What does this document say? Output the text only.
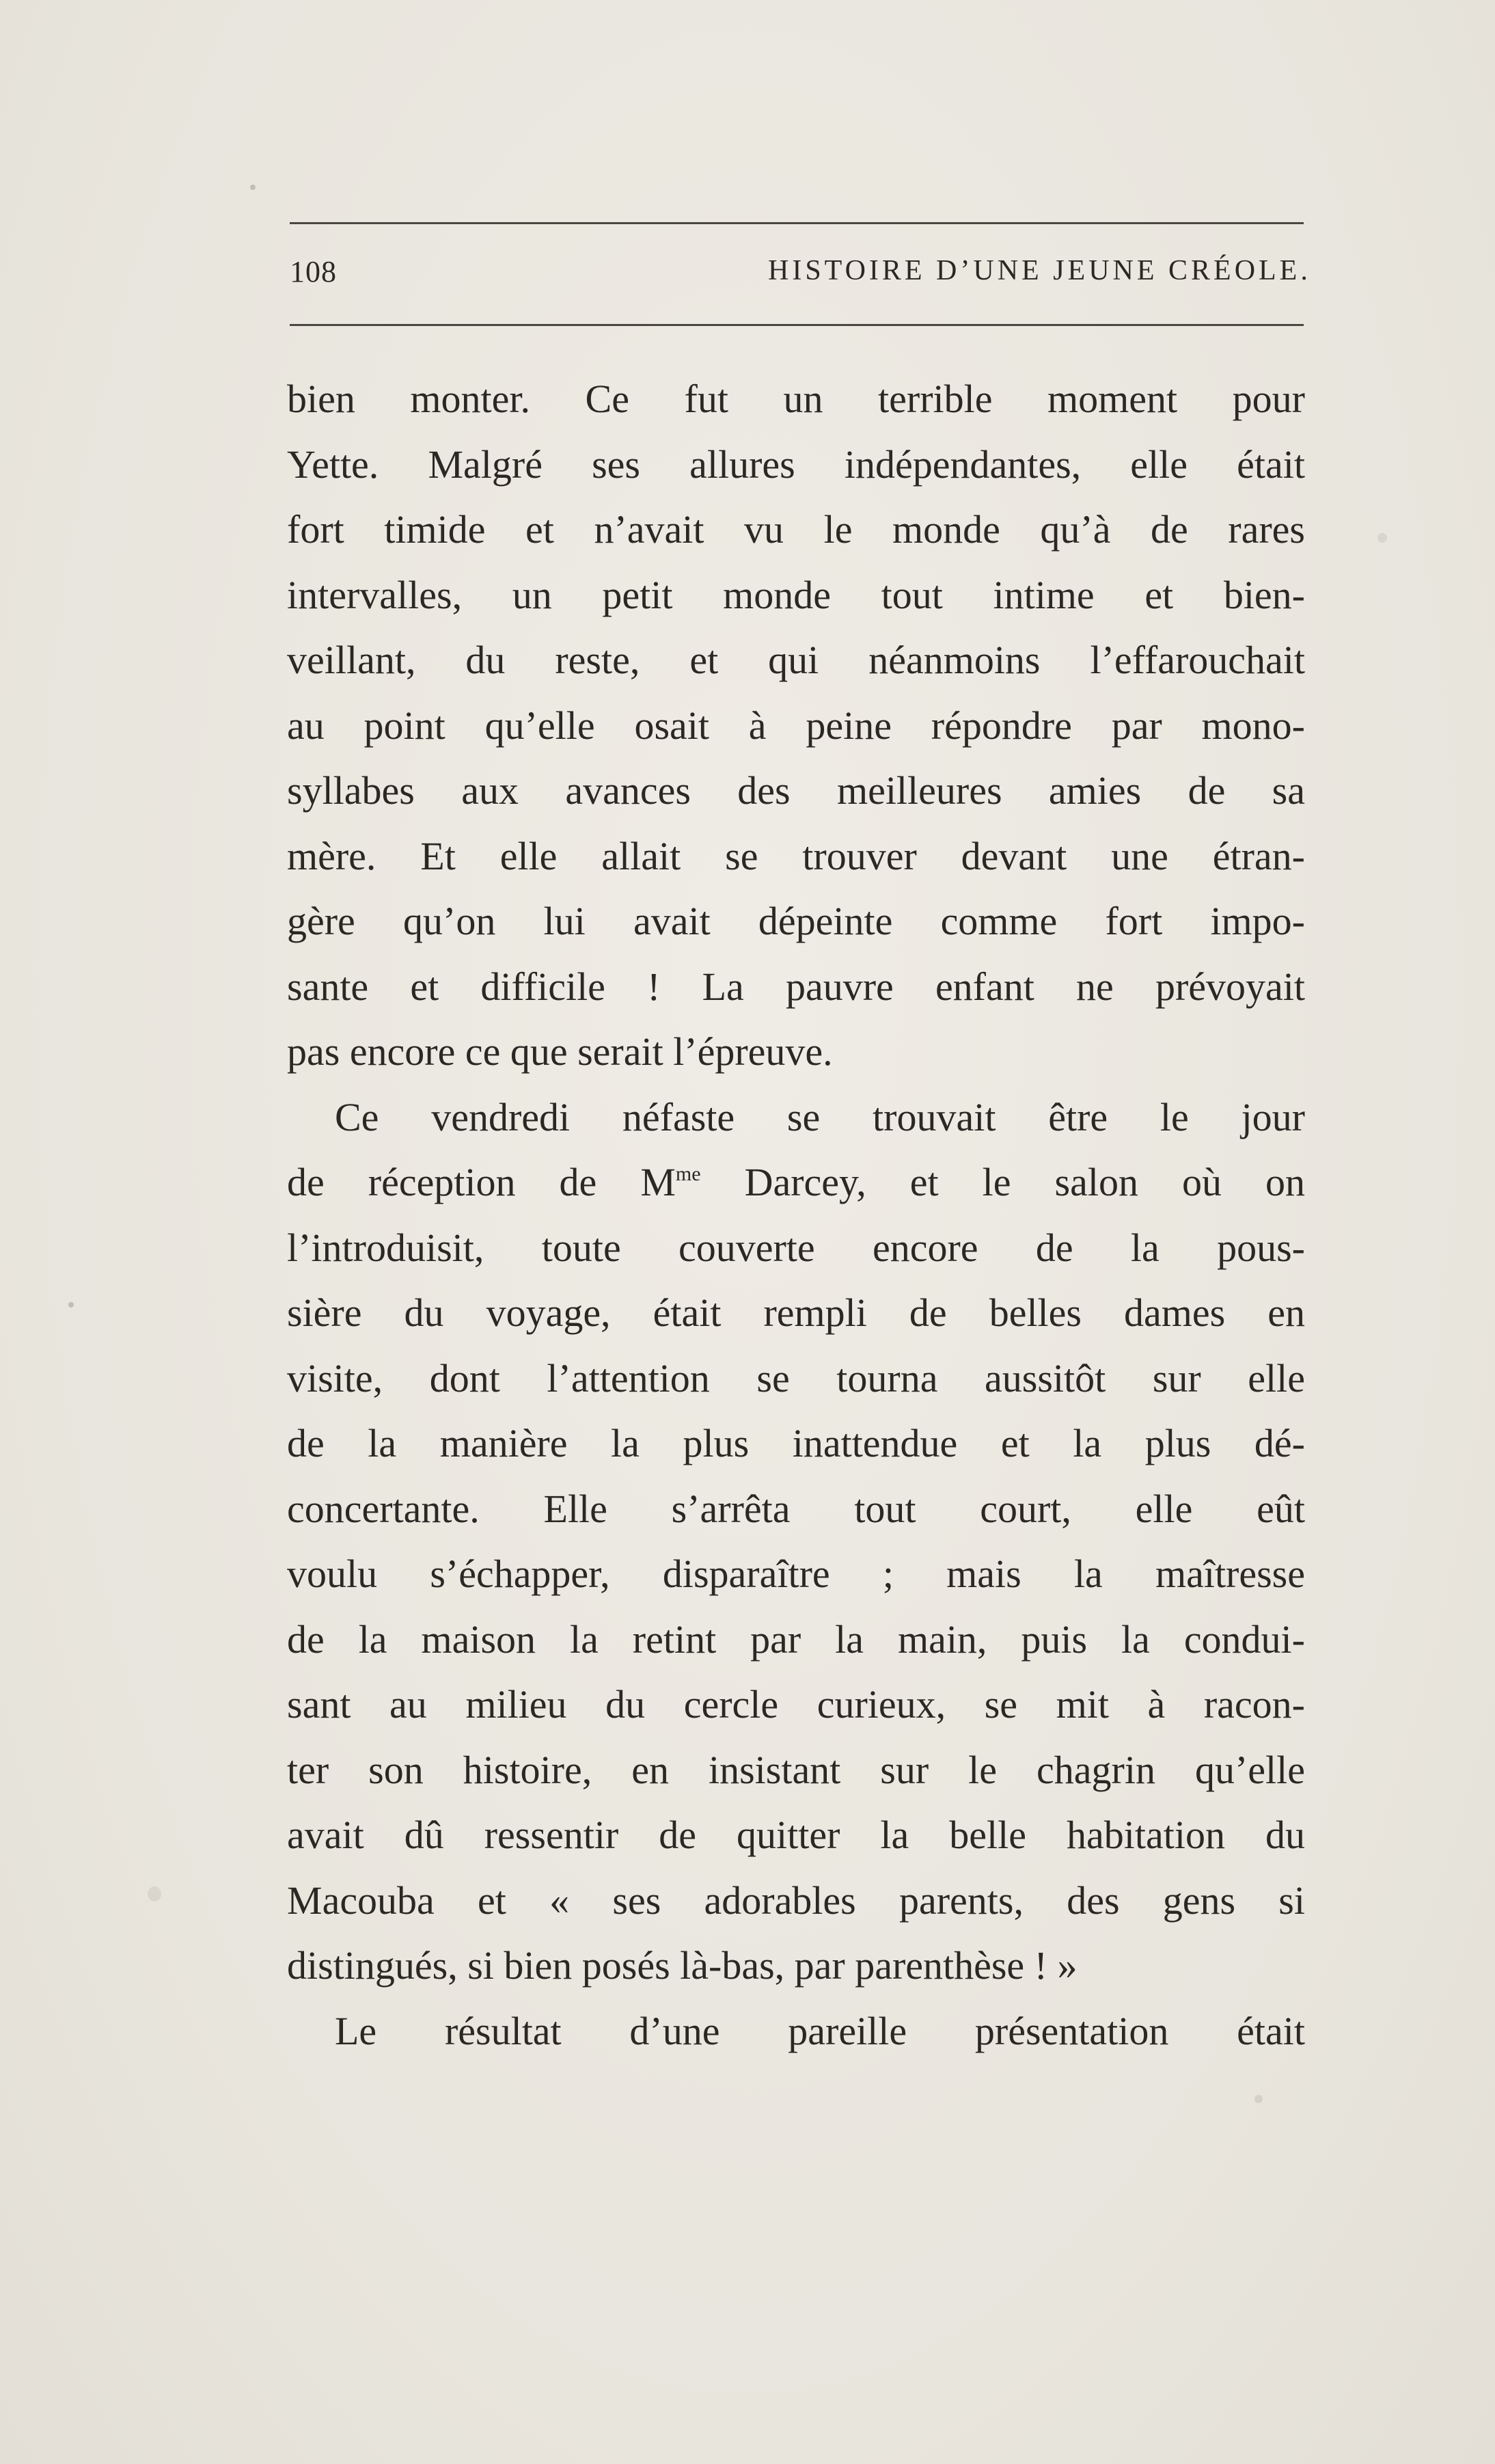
108	HISTOIRE D’UNE JEUNE CRÉOLE.
bien monter. Ce fut un terrible moment pour
Yette. Malgré ses allures indépendantes, elle était
fort timide et n’avait vu le monde qu’à de rares
intervalles, un petit monde tout intime et bien-
veillant, du reste, et qui néanmoins l’effarouchait
au point qu’elle osait à peine répondre par mono-
syllabes aux avances des meilleures amies de sa
mère. Et elle allait se trouver devant une étran-
gère qu’on lui avait dépeinte comme fort impo-
sante et difficile ! La pauvre enfant ne prévoyait
pas encore ce que serait l’épreuve.
Ce vendredi néfaste se trouvait être le jour
de réception de $M^{me}$ Darcey, et le salon où on
l’introduisit, toute couverte encore de la pous-
sière du voyage, était rempli de belles dames en
visite, dont l’attention se tourna aussitôt sur elle
de la manière la plus inattendue et la plus dé-
concertante. Elle s’arrêta tout court, elle eût
voulu s’échapper, disparaître ; mais la maîtresse
de la maison la retint par la main, puis la condui-
sant au milieu du cercle curieux, se mit à racon-
ter son histoire, en insistant sur le chagrin qu’elle
avait dû ressentir de quitter la belle habitation du
Macouba et « ses adorables parents, des gens si
distingués, si bien posés là-bas, par parenthèse ! »
Le résultat d’une pareille présentation était
